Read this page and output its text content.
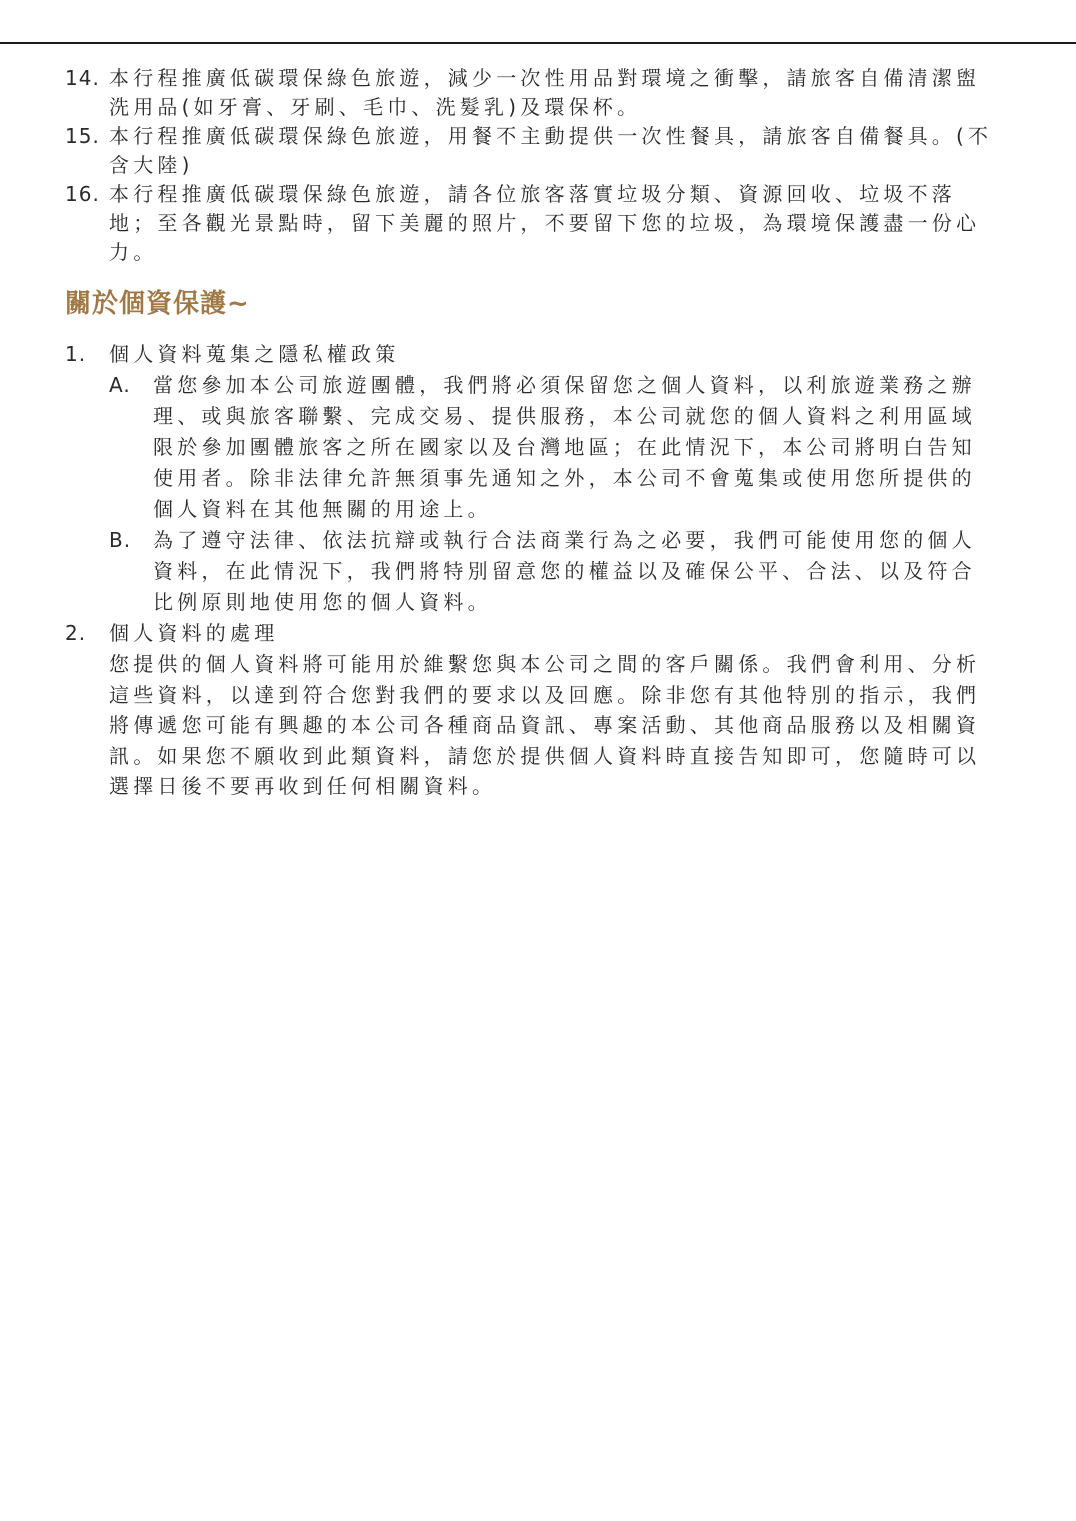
14. 本行程推廣低碳環保綠色旅遊，減少一次性用品對環境之衝擊，請旅客自備清潔盥洗用品(如牙膏、牙刷、毛巾、洗髮乳)及環保杯。
15. 本行程推廣低碳環保綠色旅遊，用餐不主動提供一次性餐具，請旅客自備餐具。(不含大陸)
16. 本行程推廣低碳環保綠色旅遊，請各位旅客落實垃圾分類、資源回收、垃圾不落地；至各觀光景點時，留下美麗的照片，不要留下您的垃圾，為環境保護盡一份心力。
關於個資保護~
1. 個人資料蒐集之隱私權政策
A. 當您參加本公司旅遊團體，我們將必須保留您之個人資料，以利旅遊業務之辦理、或與旅客聯繫、完成交易、提供服務，本公司就您的個人資料之利用區域限於參加團體旅客之所在國家以及台灣地區；在此情況下，本公司將明白告知使用者。除非法律允許無須事先通知之外，本公司不會蒐集或使用您所提供的個人資料在其他無關的用途上。
B. 為了遵守法律、依法抗辯或執行合法商業行為之必要，我們可能使用您的個人資料，在此情況下，我們將特別留意您的權益以及確保公平、合法、以及符合比例原則地使用您的個人資料。
2. 個人資料的處理
您提供的個人資料將可能用於維繫您與本公司之間的客戶關係。我們會利用、分析這些資料，以達到符合您對我們的要求以及回應。除非您有其他特別的指示，我們將傳遞您可能有興趣的本公司各種商品資訊、專案活動、其他商品服務以及相關資訊。如果您不願收到此類資料，請您於提供個人資料時直接告知即可，您隨時可以選擇日後不要再收到任何相關資料。
